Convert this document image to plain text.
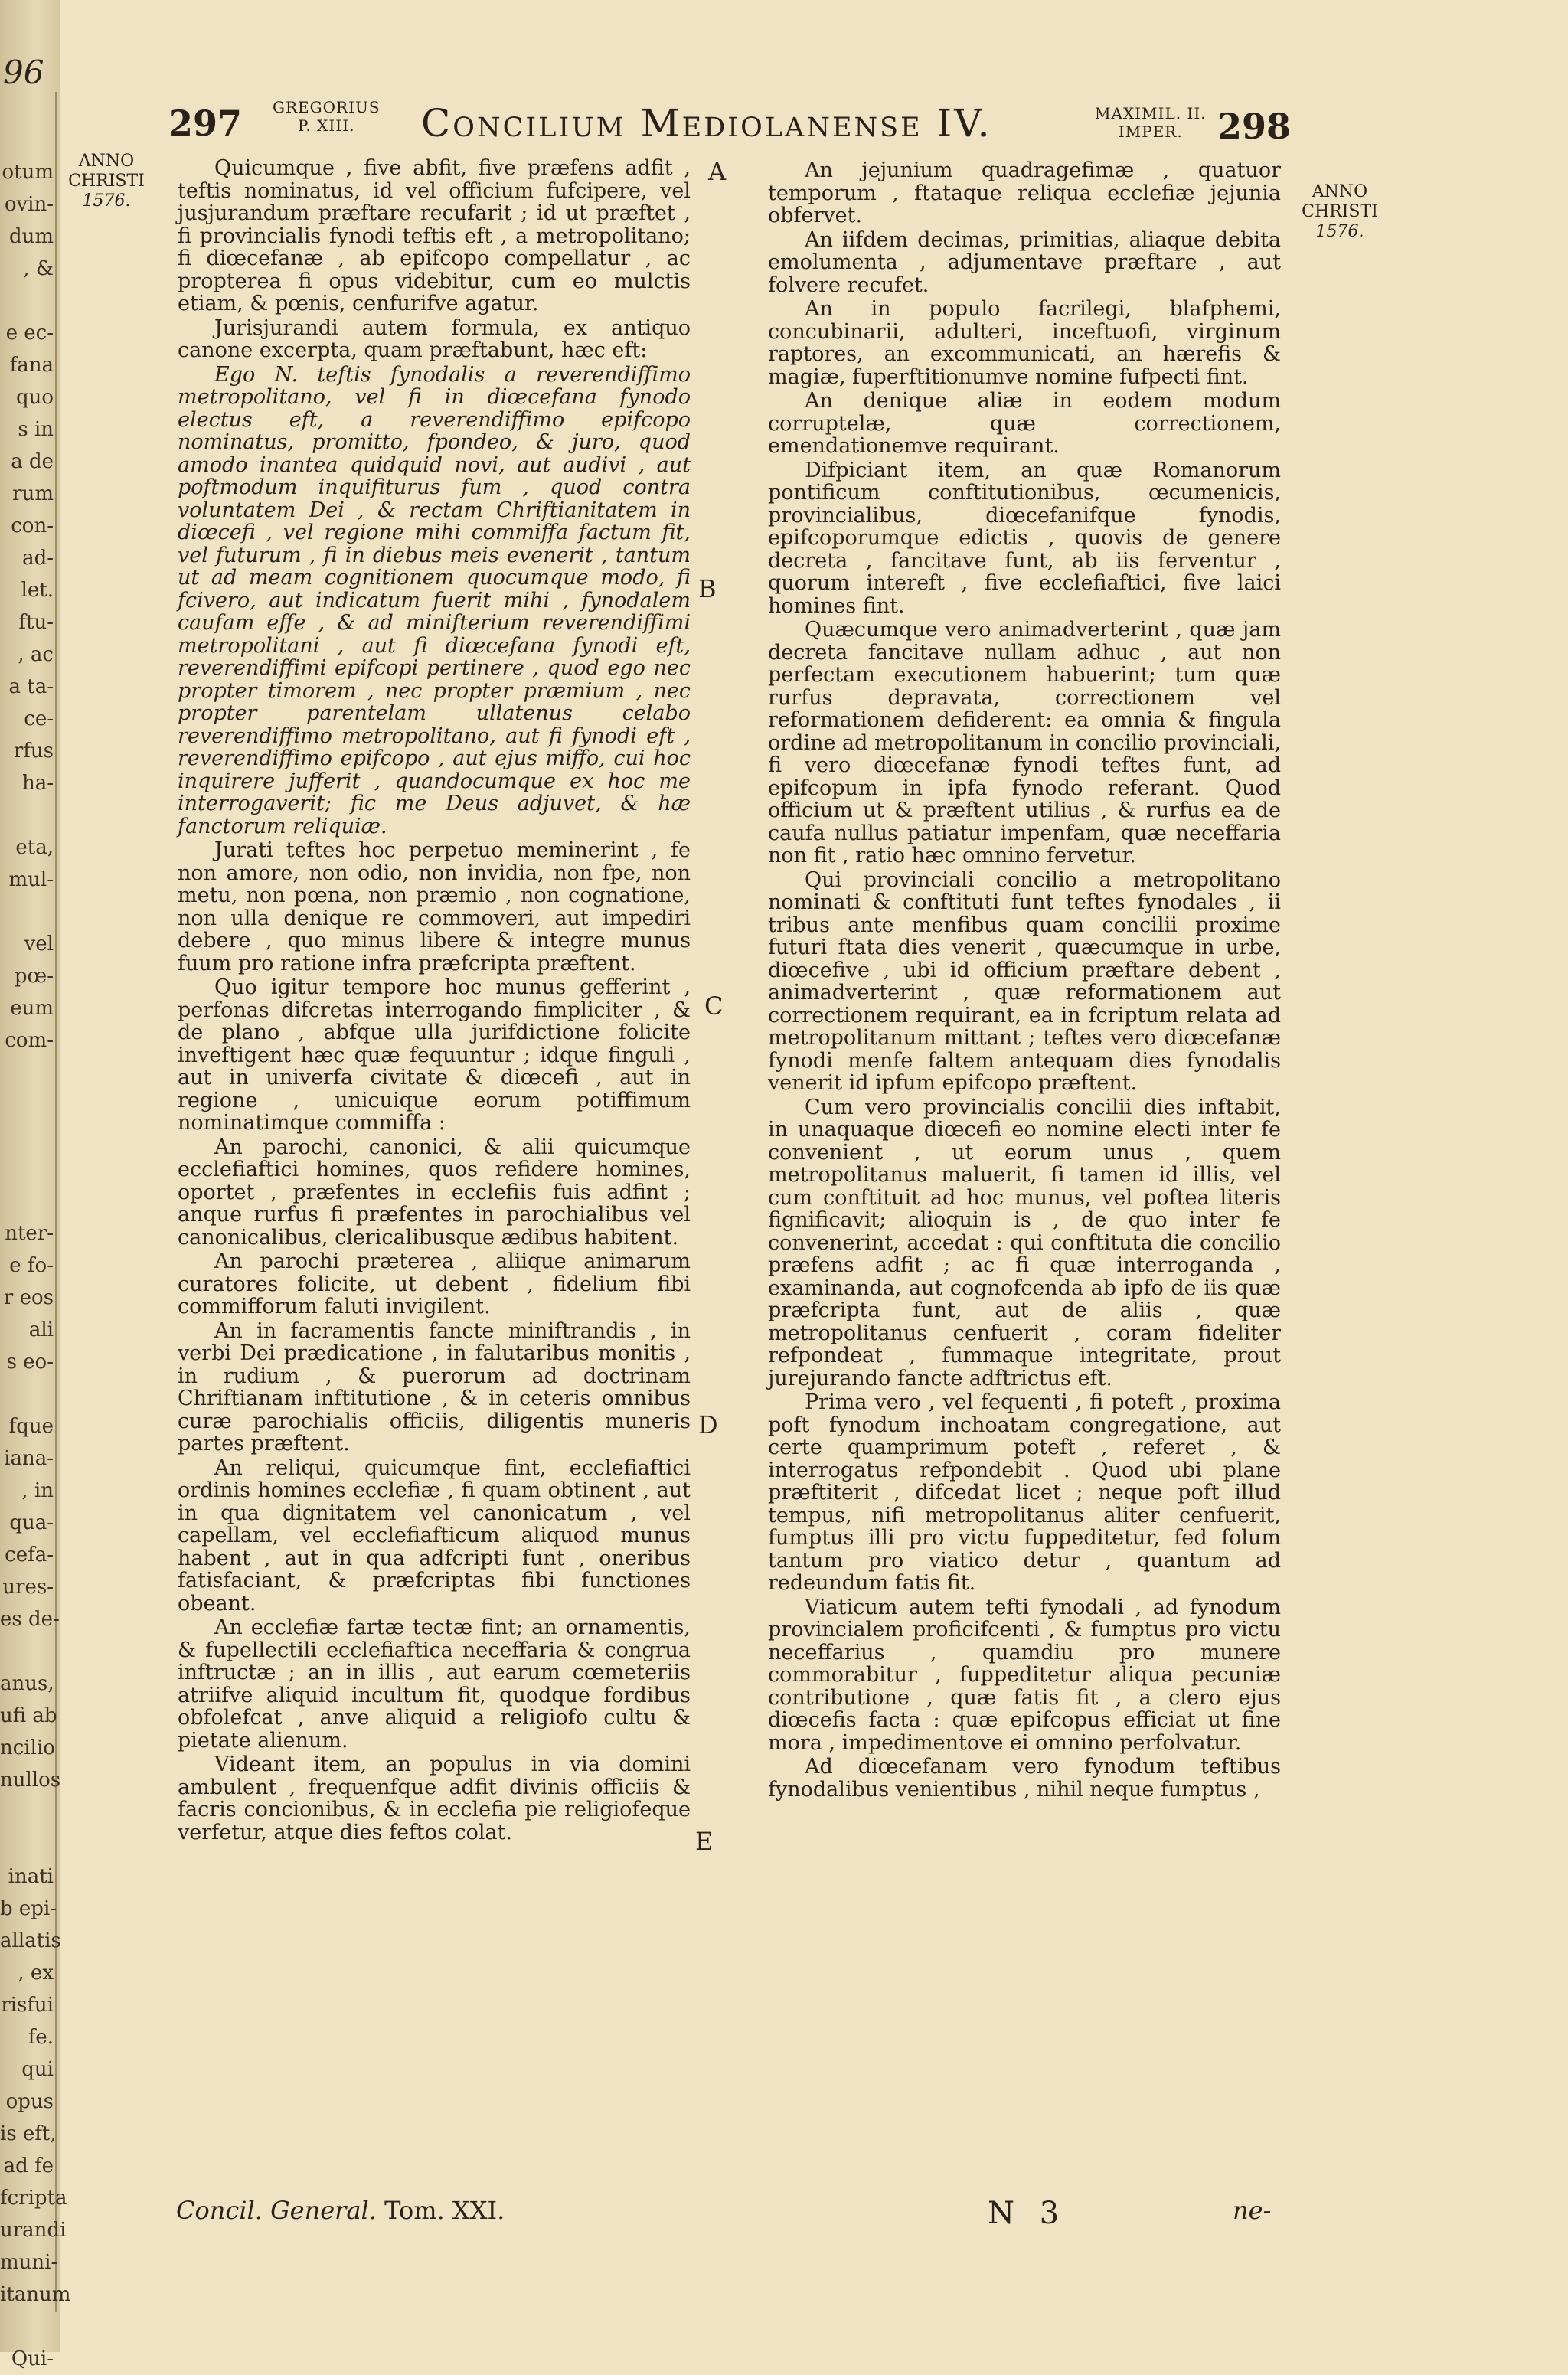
96
otum
ovin-
dum
, &
e ec-
fana
quo
s in
a de
rum
con-
ad-
let.
ftu-
, ac
a ta-
ce-
rfus
ha-
eta,
mul-
vel
pœ-
eum
com-
nter-
e fo-
r eos
ali
s eo-
fque
iana-
, in
qua-
cefa-
ures-
es de-
anus,
ufi ab
ncilio
nullos
inati
b epi-
allatis
, ex
risfui
fe.
qui
opus
is eft,
ad fe
fcripta
urandi
muni-
itanum
Qui-
297 GREGORIUS
P. XIII.	Concilium Mediolanense IV.	MAXIMIL. II.
IMPER. 298
ANNO
CHRISTI
1576.	ANNO
CHRISTI
1576.

Quicumque , five abfit, five præfens adfit , teftis nominatus, id vel officium fufcipere, vel jusjurandum præftare recufarit ; id ut præftet , fi provincialis fynodi teftis eft , a metropolitano; fi diœcefanæ , ab epifcopo compellatur , ac propterea fi opus videbitur, cum eo mulctis etiam, & pœnis, cenfurifve agatur.

Jurisjurandi autem formula, ex antiquo canone excerpta, quam præftabunt, hæc eft:

Ego N. teftis fynodalis a reverendiffimo metropolitano, vel fi in diœcefana fynodo electus eft, a reverendiffimo epifcopo nominatus, promitto, fpondeo, & juro, quod amodo inantea quidquid novi, aut audivi , aut poftmodum inquifiturus fum , quod contra voluntatem Dei , & rectam Chriftianitatem in diœcefi , vel regione mihi commiffa factum fit, vel futurum , fi in diebus meis evenerit , tantum ut ad meam cognitionem quocumque modo, fi fcivero, aut indicatum fuerit mihi , fynodalem caufam effe , & ad minifterium reverendiffimi metropolitani , aut fi diœcefana fynodi eft, reverendiffimi epifcopi pertinere , quod ego nec propter timorem , nec propter præmium , nec propter parentelam ullatenus celabo reverendiffimo metropolitano, aut fi fynodi eft , reverendiffimo epifcopo , aut ejus miffo, cui hoc inquirere jufferit , quandocumque ex hoc me interrogaverit; fic me Deus adjuvet, & hæ fanctorum reliquiæ.

Jurati teftes hoc perpetuo meminerint , fe non amore, non odio, non invidia, non fpe, non metu, non pœna, non præmio , non cognatione, non ulla denique re commoveri, aut impediri debere , quo minus libere & integre munus fuum pro ratione infra præfcripta præftent.

Quo igitur tempore hoc munus gefferint , perfonas difcretas interrogando fimpliciter , & de plano , abfque ulla jurifdictione folicite inveftigent hæc quæ fequuntur ; idque finguli , aut in univerfa civitate & diœcefi , aut in regione , unicuique eorum potiffimum nominatimque commiffa :

An parochi, canonici, & alii quicumque ecclefiaftici homines, quos refidere homines, oportet , præfentes in ecclefiis fuis adfint ; anque rurfus fi præfentes in parochialibus vel canonicalibus, clericalibusque ædibus habitent.

An parochi præterea , aliique animarum curatores folicite, ut debent , fidelium fibi commifforum faluti invigilent.

An in facramentis fancte miniftrandis , in verbi Dei prædicatione , in falutaribus monitis , in rudium , & puerorum ad doctrinam Chriftianam inftitutione , & in ceteris omnibus curæ parochialis officiis, diligentis muneris partes præftent.

An reliqui, quicumque fint, ecclefiaftici ordinis homines ecclefiæ , fi quam obtinent , aut in qua dignitatem vel canonicatum , vel capellam, vel ecclefiafticum aliquod munus habent , aut in qua adfcripti funt , oneribus fatisfaciant, & præfcriptas fibi functiones obeant.

An ecclefiæ fartæ tectæ fint; an ornamentis, & fupellectili ecclefiaftica neceffaria & congrua inftructæ ; an in illis , aut earum cœmeteriis atriifve aliquid incultum fit, quodque fordibus obfolefcat , anve aliquid a religiofo cultu & pietate alienum.

Videant item, an populus in via domini ambulent , frequenfque adfit divinis officiis & facris concionibus, & in ecclefia pie religiofeque verfetur, atque dies feftos colat.

An jejunium quadragefimæ , quatuor temporum , ftataque reliqua ecclefiæ jejunia obfervet.

An iifdem decimas, primitias, aliaque debita emolumenta , adjumentave præftare , aut folvere recufet.

An in populo facrilegi, blafphemi, concubinarii, adulteri, inceftuofi, virginum raptores, an excommunicati, an hærefis & magiæ, fuperftitionumve nomine fufpecti fint.

An denique aliæ in eodem modum corruptelæ, quæ correctionem, emendationemve requirant.

Difpiciant item, an quæ Romanorum pontificum conftitutionibus, œcumenicis, provincialibus, diœcefanifque fynodis, epifcoporumque edictis , quovis de genere decreta , fancitave funt, ab iis ferventur , quorum intereft , five ecclefiaftici, five laici homines fint.

Quæcumque vero animadverterint , quæ jam decreta fancitave nullam adhuc , aut non perfectam executionem habuerint; tum quæ rurfus depravata, correctionem vel reformationem defiderent: ea omnia & fingula ordine ad metropolitanum in concilio provinciali, fi vero diœcefanæ fynodi teftes funt, ad epifcopum in ipfa fynodo referant. Quod officium ut & præftent utilius , & rurfus ea de caufa nullus patiatur impenfam, quæ neceffaria non fit , ratio hæc omnino fervetur.

Qui provinciali concilio a metropolitano nominati & conftituti funt teftes fynodales , ii tribus ante menfibus quam concilii proxime futuri ftata dies venerit , quæcumque in urbe, diœcefive , ubi id officium præftare debent , animadverterint , quæ reformationem aut correctionem requirant, ea in fcriptum relata ad metropolitanum mittant ; teftes vero diœcefanæ fynodi menfe faltem antequam dies fynodalis venerit id ipfum epifcopo præftent.

Cum vero provincialis concilii dies inftabit, in unaquaque diœcefi eo nomine electi inter fe convenient , ut eorum unus , quem metropolitanus maluerit, fi tamen id illis, vel cum conftituit ad hoc munus, vel poftea literis fignificavit; alioquin is , de quo inter fe convenerint, accedat : qui conftituta die concilio præfens adfit ; ac fi quæ interroganda , examinanda, aut cognofcenda ab ipfo de iis quæ præfcripta funt, aut de aliis , quæ metropolitanus cenfuerit , coram fideliter refpondeat , fummaque integritate, prout jurejurando fancte adftrictus eft.

Prima vero , vel fequenti , fi poteft , proxima poft fynodum inchoatam congregatione, aut certe quamprimum poteft , referet , & interrogatus refpondebit . Quod ubi plane præftiterit , difcedat licet ; neque poft illud tempus, nifi metropolitanus aliter cenfuerit, fumptus illi pro victu fuppeditetur, fed folum tantum pro viatico detur , quantum ad redeundum fatis fit.

Viaticum autem tefti fynodali , ad fynodum provincialem proficifcenti , & fumptus pro victu neceffarius , quamdiu pro munere commorabitur , fuppeditetur aliqua pecuniæ contributione , quæ fatis fit , a clero ejus diœcefis facta : quæ epifcopus efficiat ut fine mora , impedimentove ei omnino perfolvatur.

Ad diœcefanam vero fynodum teftibus fynodalibus venientibus , nihil neque fumptus ,

A
B
C
D
E
Concil. General. Tom. XXI.	N 3	ne-
